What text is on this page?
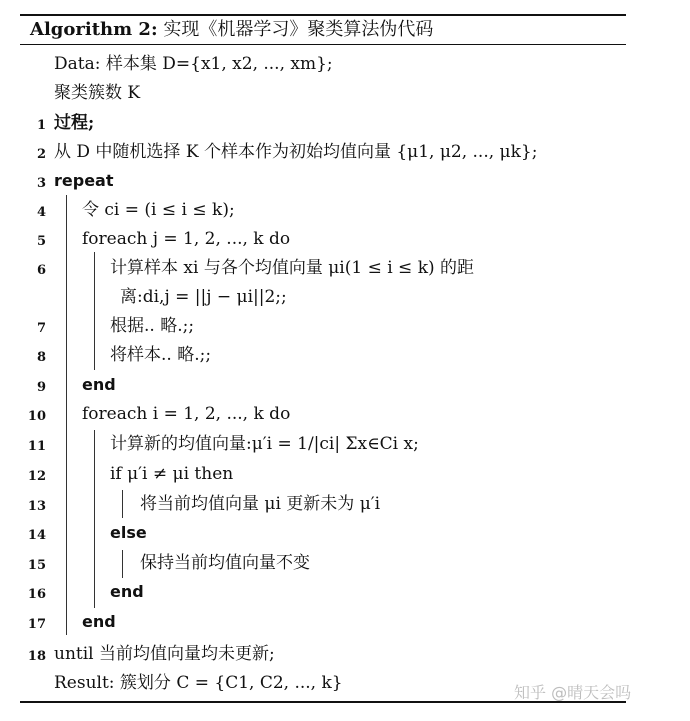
Algorithm 2: 实现《机器学习》聚类算法伪代码
1
2
3
4
5
6
7
8
9
10
11
12
13
14
15
16
17
18
Data: 样本集 D={x1, x2, ..., xm};
聚类簇数 K
过程;
从 D 中随机选择 K 个样本作为初始均值向量 {μ1, μ2, ..., μk};
repeat
令 ci = (i ≤ i ≤ k);
foreach j = 1, 2, ..., k do
计算样本 xi 与各个均值向量 μi(1 ≤ i ≤ k) 的距
离:di,j = ||j − μi||2;;
根据.. 略.;;
将样本.. 略.;;
end
foreach i = 1, 2, ..., k do
计算新的均值向量:μ′i = 1/|ci| Σx∈Ci x;
if μ′i ≠ μi then
将当前均值向量 μi 更新未为 μ′i
else
保持当前均值向量不变
end
end
until 当前均值向量均未更新;
Result: 簇划分 C = {C1, C2, ..., k}	知乎 @晴天会吗
